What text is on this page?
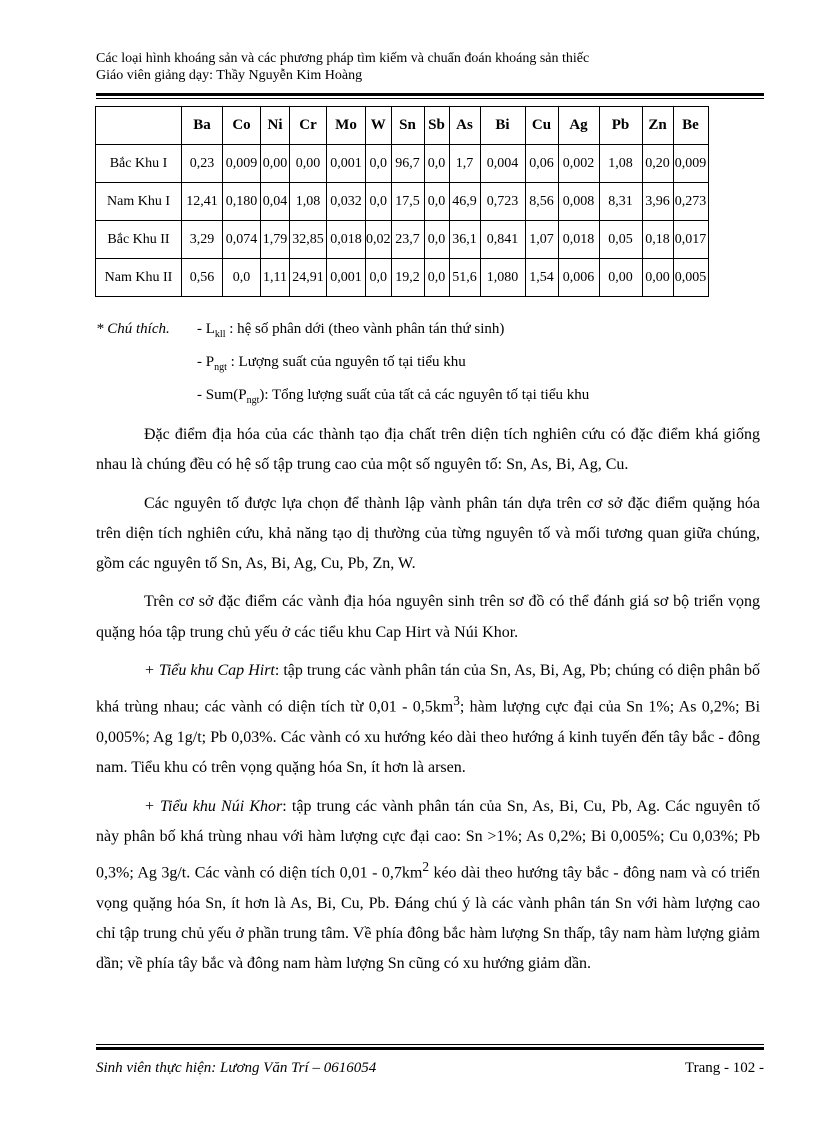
Các loại hình khoáng sản và các phương pháp tìm kiếm và chuẩn đoán khoáng sản thiếc
Giáo viên giảng dạy: Thầy Nguyễn Kim Hoàng
	Ba	Co	Ni	Cr	Mo	W	Sn	Sb	As	Bi	Cu	Ag	Pb	Zn	Be
Bắc Khu I	0,23	0,009	0,00	0,00	0,001	0,0	96,7	0,0	1,7	0,004	0,06	0,002	1,08	0,20	0,009
Nam Khu I	12,41	0,180	0,04	1,08	0,032	0,0	17,5	0,0	46,9	0,723	8,56	0,008	8,31	3,96	0,273
Bắc Khu II	3,29	0,074	1,79	32,85	0,018	0,02	23,7	0,0	36,1	0,841	1,07	0,018	0,05	0,18	0,017
Nam Khu II	0,56	0,0	1,11	24,91	0,001	0,0	19,2	0,0	51,6	1,080	1,54	0,006	0,00	0,00	0,005
* Chú thích. - $L_{kll}$ : hệ số phân dới (theo vành phân tán thứ sinh)
- $P_{ngt}$ : Lượng suất của nguyên tố tại tiểu khu
- $Sum(P_{ngt})$: Tổng lượng suất của tất cả các nguyên tố tại tiểu khu

Đặc điểm địa hóa của các thành tạo địa chất trên diện tích nghiên cứu có đặc điểm khá giống nhau là chúng đều có hệ số tập trung cao của một số nguyên tố: Sn, As, Bi, Ag, Cu.

Các nguyên tố được lựa chọn để thành lập vành phân tán dựa trên cơ sở đặc điểm quặng hóa trên diện tích nghiên cứu, khả năng tạo dị thường của từng nguyên tố và mối tương quan giữa chúng, gồm các nguyên tố Sn, As, Bi, Ag, Cu, Pb, Zn, W.

Trên cơ sở đặc điểm các vành địa hóa nguyên sinh trên sơ đồ có thể đánh giá sơ bộ triển vọng quặng hóa tập trung chủ yếu ở các tiểu khu Cap Hirt và Núi Khor.

+ Tiểu khu Cap Hirt: tập trung các vành phân tán của Sn, As, Bi, Ag, Pb; chúng có diện phân bố khá trùng nhau; các vành có diện tích từ $0,01 - 0,5km^3$; hàm lượng cực đại của Sn 1%; As 0,2%; Bi 0,005%; Ag 1g/t; Pb 0,03%. Các vành có xu hướng kéo dài theo hướng á kinh tuyến đến tây bắc - đông nam. Tiểu khu có trên vọng quặng hóa Sn, ít hơn là arsen.

+ Tiểu khu Núi Khor: tập trung các vành phân tán của Sn, As, Bi, Cu, Pb, Ag. Các nguyên tố này phân bố khá trùng nhau với hàm lượng cực đại cao: Sn >1%; As 0,2%; Bi 0,005%; Cu 0,03%; Pb 0,3%; Ag 3g/t. Các vành có diện tích $0,01 - 0,7km^2$ kéo dài theo hướng tây bắc - đông nam và có triển vọng quặng hóa Sn, ít hơn là As, Bi, Cu, Pb. Đáng chú ý là các vành phân tán Sn với hàm lượng cao chỉ tập trung chủ yếu ở phần trung tâm. Về phía đông bắc hàm lượng Sn thấp, tây nam hàm lượng giảm dần; về phía tây bắc và đông nam hàm lượng Sn cũng có xu hướng giảm dần.

Sinh viên thực hiện: Lương Văn Trí – 0616054	Trang - 102 -
